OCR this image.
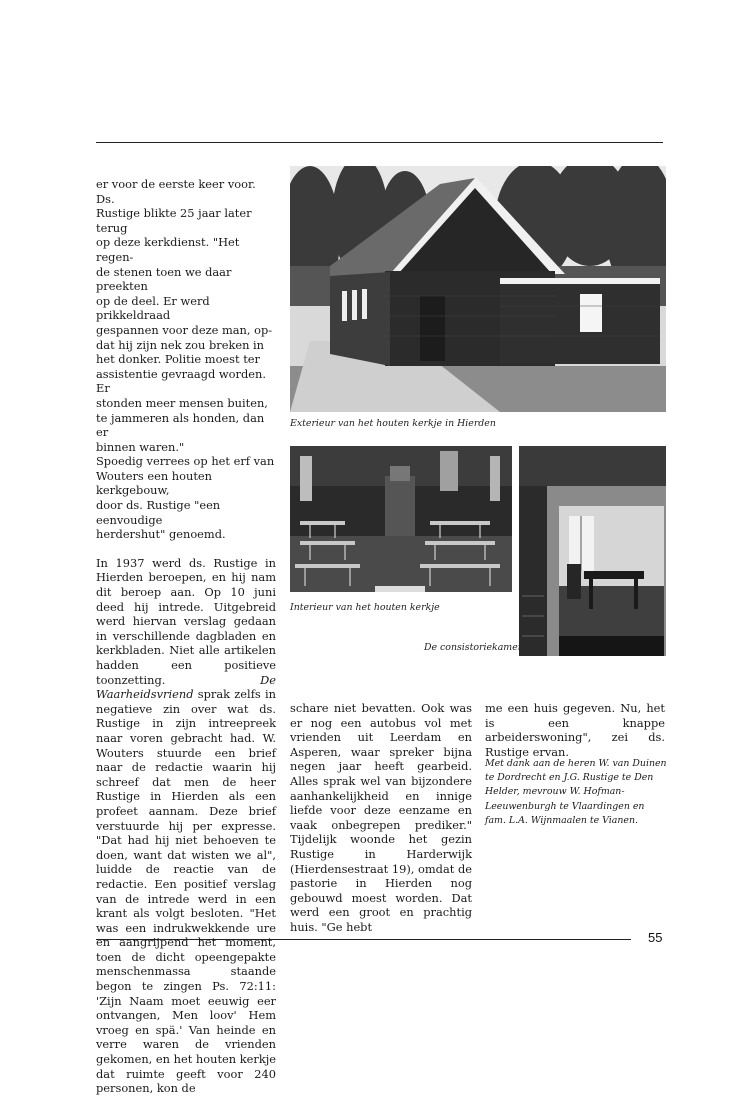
er voor de eerste keer voor. Ds.
Rustige blikte 25 jaar later terug
op deze kerkdienst. "Het regen-
de stenen toen we daar preekten
op de deel. Er werd prikkeldraad
gespannen voor deze man, op-
dat hij zijn nek zou breken in
het donker. Politie moest ter
assistentie gevraagd worden. Er
stonden meer mensen buiten,
te jammeren als honden, dan er
binnen waren."
Spoedig verrees op het erf van
Wouters een houten kerkgebouw,
door ds. Rustige "een eenvoudige
herdershut" genoemd.

In 1937 werd ds. Rustige in Hierden beroepen, en hij nam dit beroep aan. Op 10 juni deed hij intrede. Uitgebreid werd hiervan verslag gedaan in verschillende dagbladen en kerkbladen. Niet alle artikelen hadden een positieve toonzetting.	De Waarheidsvriend sprak zelfs in negatieve zin over wat ds. Rustige in zijn intreepreek naar voren gebracht had. W. Wouters stuurde een brief naar de redactie waarin hij schreef dat men de heer Rustige in Hierden als een profeet aannam. Deze brief verstuurde hij per expresse. "Dat had hij niet behoeven te doen, want dat wisten we al", luidde de reactie van de redactie. Een positief verslag van de intrede werd in een krant als volgt besloten. "Het was een indrukwekkende ure en aangrijpend het moment, toen de dicht opeengepakte menschenmassa staande begon te zingen Ps. 72:11: 'Zijn Naam moet eeuwig eer ontvangen, Men loov' Hem vroeg en spä.' Van heinde en verre waren de vrienden gekomen, en het houten kerkje dat ruimte geeft voor 240 personen, kon de

Exterieur van het houten kerkje in Hierden
Interieur van het houten kerkje
De consistoriekamer

schare niet bevatten. Ook was er nog een autobus vol met vrienden uit Leerdam en Asperen, waar spreker bijna negen jaar heeft gearbeid. Alles sprak wel van bijzondere aanhankelijkheid en innige liefde voor deze eenzame en vaak onbegrepen prediker." Tijdelijk woonde het gezin Rustige in Harderwijk (Hierdensestraat 19), omdat de pastorie in Hierden nog gebouwd moest worden. Dat werd een groot en prachtig huis. "Ge hebt

me een huis gegeven. Nu, het is een knappe arbeiderswoning", zei ds. Rustige ervan.

Met dank aan de heren W. van Duinen te Dordrecht en J.G. Rustige te Den Helder, mevrouw W. Hofman-Leeuwenburgh te Vlaardingen en fam. L.A. Wijnmaalen te Vianen.

55
